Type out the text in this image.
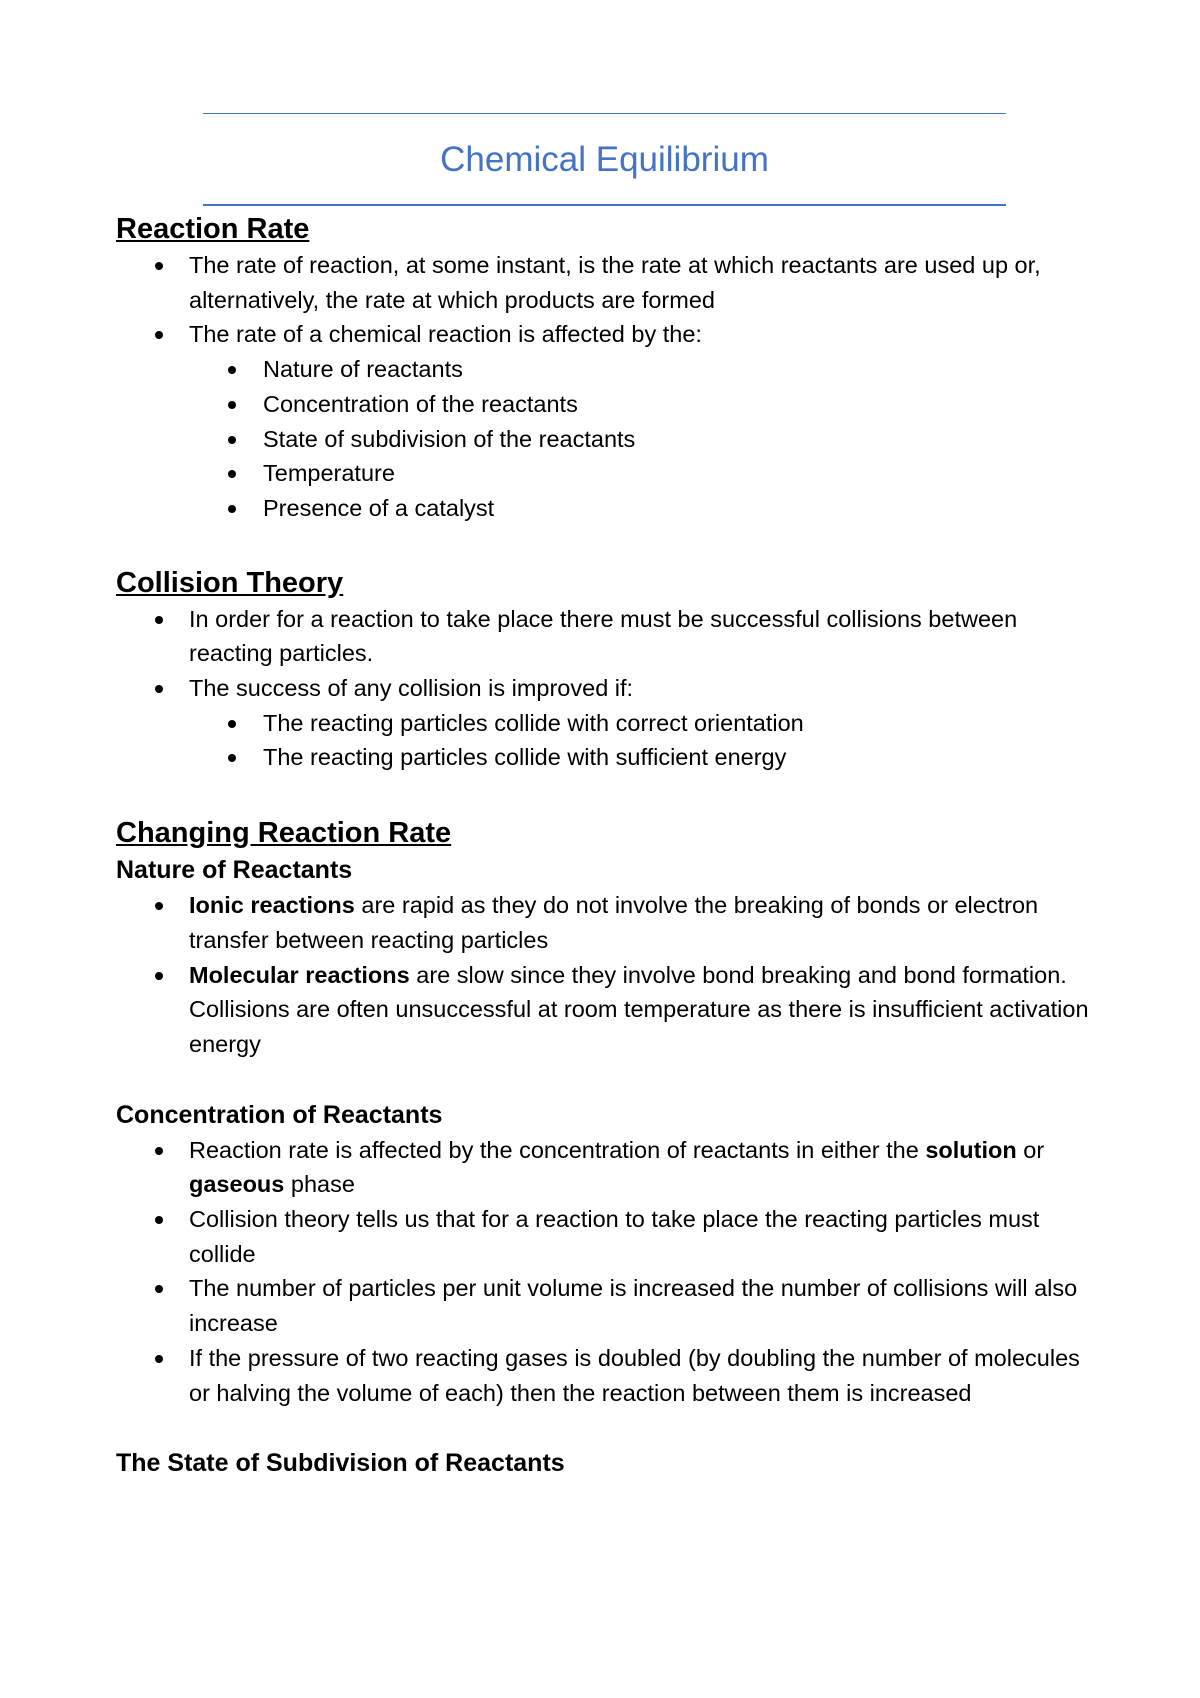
Chemical Equilibrium
Reaction Rate
The rate of reaction, at some instant, is the rate at which reactants are used up or, alternatively, the rate at which products are formed
The rate of a chemical reaction is affected by the:
Nature of reactants
Concentration of the reactants
State of subdivision of the reactants
Temperature
Presence of a catalyst
Collision Theory
In order for a reaction to take place there must be successful collisions between reacting particles.
The success of any collision is improved if:
The reacting particles collide with correct orientation
The reacting particles collide with sufficient energy
Changing Reaction Rate
Nature of Reactants
Ionic reactions are rapid as they do not involve the breaking of bonds or electron transfer between reacting particles
Molecular reactions are slow since they involve bond breaking and bond formation. Collisions are often unsuccessful at room temperature as there is insufficient activation energy
Concentration of Reactants
Reaction rate is affected by the concentration of reactants in either the solution or gaseous phase
Collision theory tells us that for a reaction to take place the reacting particles must collide
The number of particles per unit volume is increased the number of collisions will also increase
If the pressure of two reacting gases is doubled (by doubling the number of molecules or halving the volume of each) then the reaction between them is increased
The State of Subdivision of Reactants
